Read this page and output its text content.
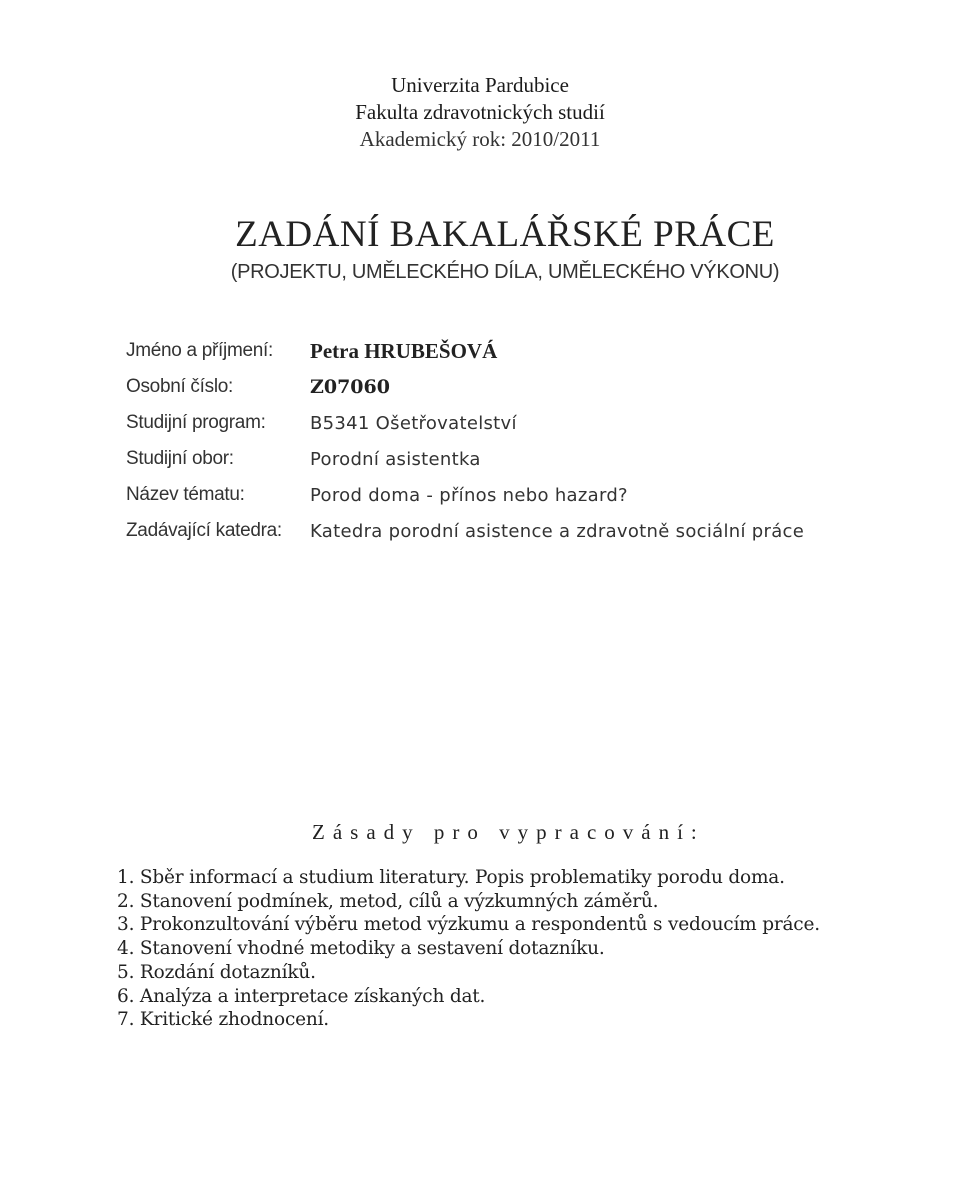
Univerzita Pardubice
Fakulta zdravotnických studií
Akademický rok: 2010/2011
ZADÁNÍ BAKALÁŘSKÉ PRÁCE
(PROJEKTU, UMĚLECKÉHO DÍLA, UMĚLECKÉHO VÝKONU)
Jméno a příjmení:	Petra HRUBEŠOVÁ
Osobní číslo:	Z07060
Studijní program:	B5341 Ošetřovatelství
Studijní obor:	Porodní asistentka
Název tématu:	Porod doma - přínos nebo hazard?
Zadávající katedra:	Katedra porodní asistence a zdravotně sociální práce
Zásady pro vypracování:
1. Sběr informací a studium literatury. Popis problematiky porodu doma.
2. Stanovení podmínek, metod, cílů a výzkumných záměrů.
3. Prokonzultování výběru metod výzkumu a respondentů s vedoucím práce.
4. Stanovení vhodné metodiky a sestavení dotazníku.
5. Rozdání dotazníků.
6. Analýza a interpretace získaných dat.
7. Kritické zhodnocení.
